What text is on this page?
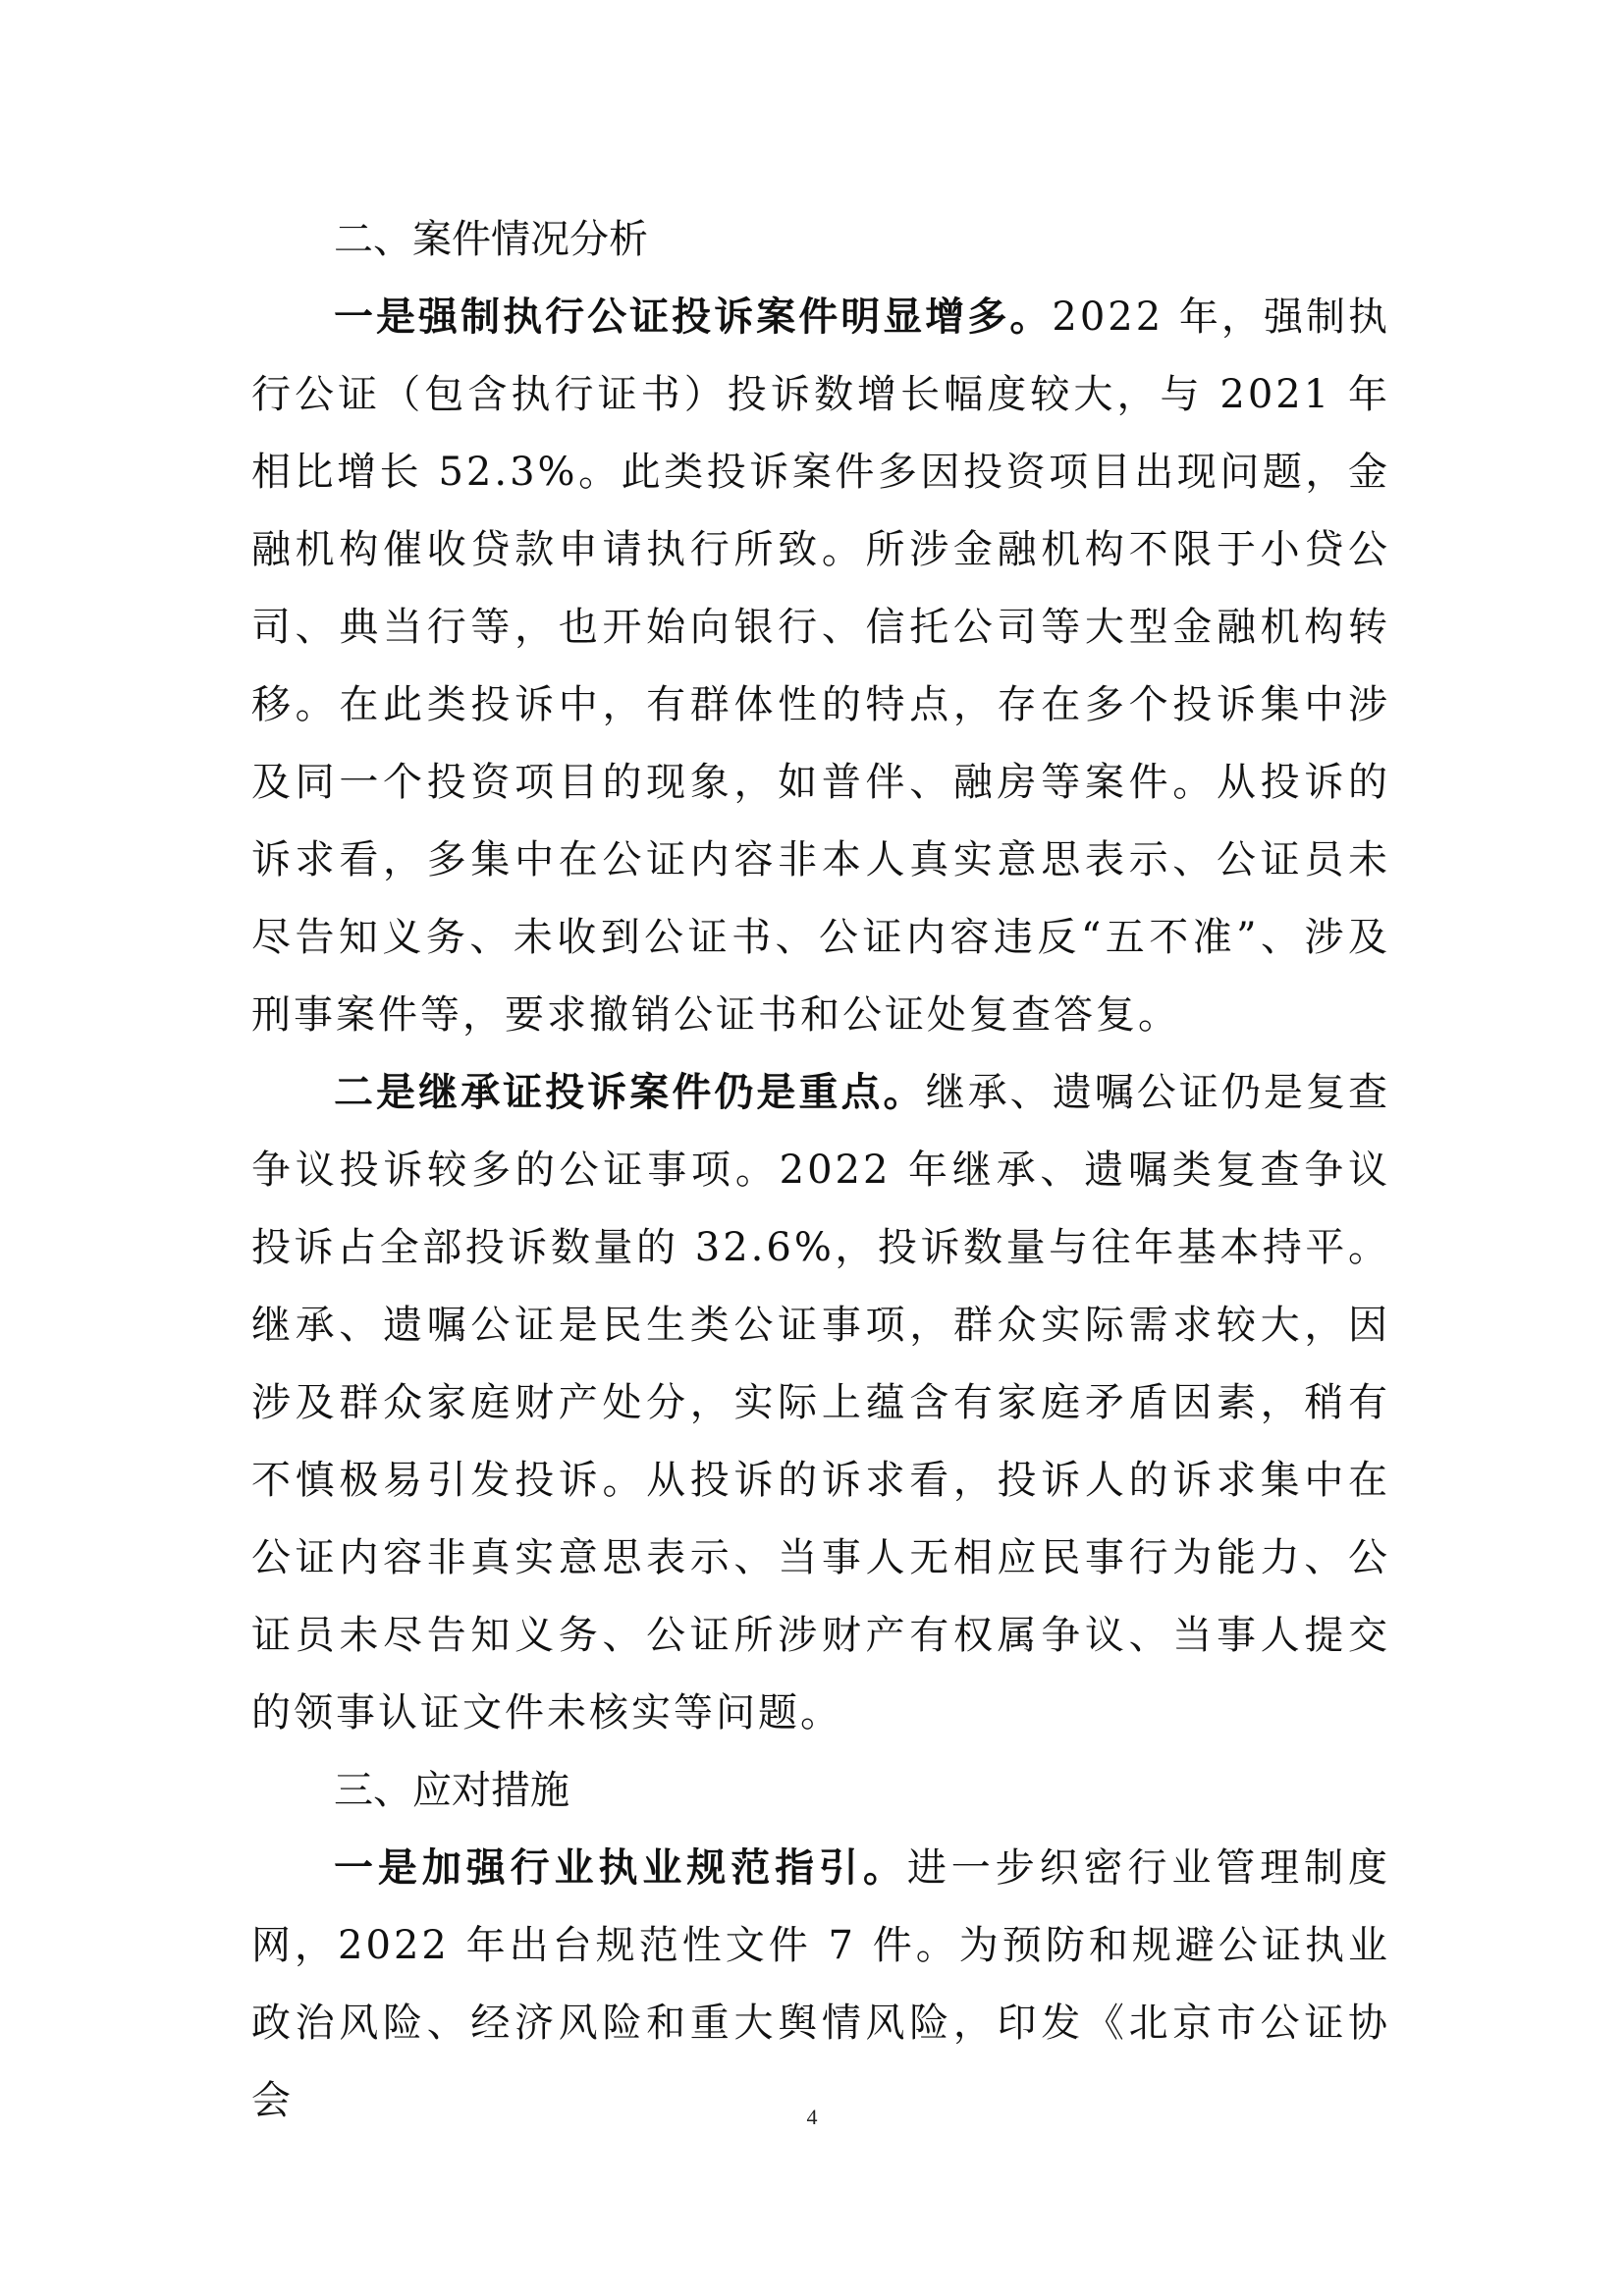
二、案件情况分析

一是强制执行公证投诉案件明显增多。2022 年，强制执行公证（包含执行证书）投诉数增长幅度较大，与 2021 年相比增长 52.3%。此类投诉案件多因投资项目出现问题，金融机构催收贷款申请执行所致。所涉金融机构不限于小贷公司、典当行等，也开始向银行、信托公司等大型金融机构转移。在此类投诉中，有群体性的特点，存在多个投诉集中涉及同一个投资项目的现象，如普伴、融房等案件。从投诉的诉求看，多集中在公证内容非本人真实意思表示、公证员未尽告知义务、未收到公证书、公证内容违反“五不准”、涉及刑事案件等，要求撤销公证书和公证处复查答复。

二是继承证投诉案件仍是重点。继承、遗嘱公证仍是复查争议投诉较多的公证事项。2022 年继承、遗嘱类复查争议投诉占全部投诉数量的 32.6%，投诉数量与往年基本持平。继承、遗嘱公证是民生类公证事项，群众实际需求较大，因涉及群众家庭财产处分，实际上蕴含有家庭矛盾因素，稍有不慎极易引发投诉。从投诉的诉求看，投诉人的诉求集中在公证内容非真实意思表示、当事人无相应民事行为能力、公证员未尽告知义务、公证所涉财产有权属争议、当事人提交的领事认证文件未核实等问题。

三、应对措施

一是加强行业执业规范指引。进一步织密行业管理制度网，2022 年出台规范性文件 7 件。为预防和规避公证执业政治风险、经济风险和重大舆情风险，印发《北京市公证协会	4
